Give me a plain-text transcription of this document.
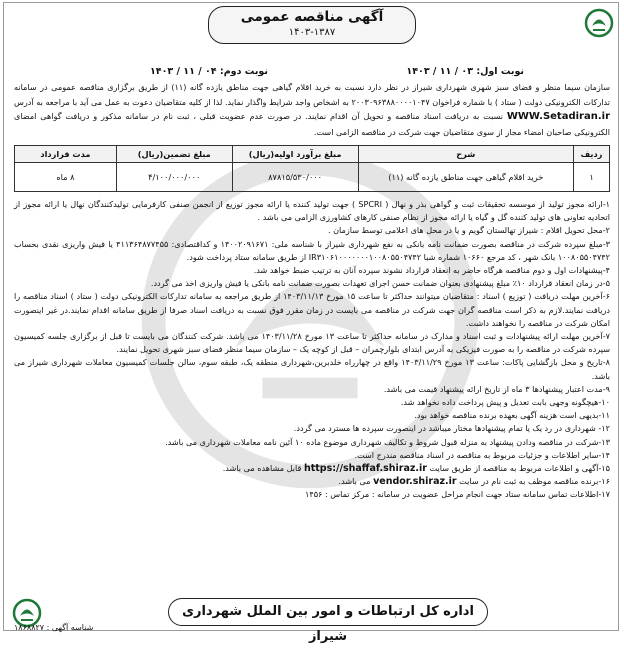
آگهی مناقصه عمومی
۱۴۰۳-۱۳۸۷
نوبت اول: ۰۳ / ۱۱ / ۱۴۰۳
نوبت دوم: ۰۴ / ۱۱ / ۱۴۰۳
سازمان سیما منظر و فضای سبز شهری شهرداری شیراز در نظر دارد نسبت به خرید اقلام گیاهی جهت مناطق یازده گانه (۱۱) از طریق برگزاری مناقصه عمومی در سامانه تدارکات الکترونیکی دولت ( ستاد ) با شماره فراخوان ۲۰۰۳۰۹۶۳۸۸۰۰۰۰۱۰۴۷ به اشخاص واجد شرایط واگذار نماید. لذا از کلیه متقاضیان دعوت به عمل می آید با مراجعه به آدرس WWW.Setadiran.ir نسبت به دریافت اسناد مناقصه و تحویل آن اقدام نمایند. در صورت عدم عضویت قبلی ، ثبت نام در سامانه مذکور و دریافت گواهی امضای الکترونیکی صاحبان امضاء مجاز از سوی متقاضیان جهت شرکت در مناقصه الزامی است.
ردیف	شرح	مبلغ برآورد اولیه(ریال)	مبلغ تضمین(ریال)	مدت قرارداد
۱	خرید اقلام گیاهی جهت مناطق یازده گانه (۱۱)	۸۷۸۱۵/۵۳۰/۰۰۰	۴/۱۰۰/۰۰۰/۰۰۰	۸ ماه

۱-ارائه مجوز تولید از موسسه تحقیقات ثبت و گواهی بذر و نهال ( SPCRI ) جهت تولید کننده یا ارائه مجوز توزیع از انجمن صنفی کارفرمایی تولیدکنندگان نهال یا ارائه مجوز از اتحادیه تعاونی های تولید کننده گل و گیاه یا ارائه مجوز از نظام صنفی کارهای کشاورزی الزامی می باشد .

۲-محل تحویل اقلام : شیراز تهالستان گویم و یا در محل های اعلامی توسط سازمان .

۳-مبلغ سپرده شرکت در مناقصه بصورت ضمانت نامه بانکی به نفع شهرداری شیراز با شناسه ملی: ۱۴۰۰۲۰۹۱۶۷۱ و کداقتصادی: ۴۱۱۳۶۴۸۷۷۴۵۵ یا فیش واریزی نقدی بحساب ۱۰۰۸۰۵۵۰۴۷۴۲ بانک شهر ، کد مرجع ۱۰۶۶۰ شماره شبا IR۳۱۰۶۱۰۰۰۰۰۰۰۱۰۰۸۰۵۵۰۴۷۴۲ از طریق سامانه ستاد پرداخت شود.

۴-پیشنهادات اول و دوم مناقصه هرگاه حاضر به انعقاد قرارداد نشوند سپرده آنان به ترتیب ضبط خواهد شد.

۵-در زمان انعقاد قرارداد ۱۰٪ مبلغ پیشنهادی بعنوان ضمانت حسن اجرای تعهدات بصورت ضمانت نامه بانکی یا فیش واریزی اخذ می گردد.

۶-آخرین مهلت دریافت ( توزیع ) اسناد : متقاضیان میتوانند حداکثر تا ساعت ۱۵ مورخ ۱۴۰۳/۱۱/۱۳ از طریق مراجعه به سامانه تدارکات الکترونیکی دولت ( ستاد ) اسناد مناقصه را دریافت نمایند.لازم به ذکر است مناقصه گران جهت شرکت در مناقصه می بایست در زمان مقرر فوق نسبت به دریافت اسناد صرفا از طریق سامانه اقدام نمایند.در غیر اینصورت امکان شرکت در مناقصه را نخواهند داشت.

۷-آخرین مهلت ارائه پیشنهادات و ثبت اسناد و مدارک در سامانه حداکثر تا ساعت ۱۳ مورخ ۱۴۰۳/۱۱/۲۸ می باشد. شرکت کنندگان می بایست تا قبل از برگزاری جلسه کمیسیون سپرده شرکت در مناقصه را به صورت فیزیکی به آدرس ابتدای بلوارچمران – قبل از کوچه یک – سازمان سیما منظر فضای سبز شهری تحویل نمایند.

۸-تاریخ و محل بازگشایی پاکات: ساعت ۱۳ مورخ ۱۴۰۳/۱۱/۲۹ واقع در چهارراه خلدبرین،شهرداری منطقه یک، طبقه سوم، سالن جلسات کمیسیون معاملات شهرداری شیراز می باشد.

۹-مدت اعتبار پیشنهادها ۳ ماه از تاریخ ارائه پیشنهاد قیمت می باشد.

۱۰-هیچگونه وجهی بابت تعدیل و پیش پرداخت داده نخواهد شد.

۱۱-بدیهی است هزینه آگهی بعهده برنده مناقصه خواهد بود.

۱۲- شهرداری در رد یک یا تمام پیشنهادها مختار میباشد در اینصورت سپرده ها مسترد می گردد.

۱۳-شرکت در مناقصه ودادن پیشنهاد به منزله قبول شروط و تکالیف شهرداری موضوع ماده ۱۰ آئین نامه معاملات شهرداری می باشد.

۱۴-سایر اطلاعات و جزئیات مربوط به مناقصه در اسناد مناقصه مندرج است.

۱۵-آگهی و اطلاعات مربوط به مناقصه از طریق سایت https://shaffaf.shiraz.ir قابل مشاهده می باشد.

۱۶-برنده مناقصه موظف به ثبت نام در سایت vendor.shiraz.ir می باشد.

۱۷-اطلاعات تماس سامانه ستاد جهت انجام مراحل عضویت در سامانه : مرکز تماس : ۱۴۵۶

اداره کل ارتباطات و امور بین الملل شهرداری شیراز
شناسه آگهی : ۱۸۶۸۸۲۷
